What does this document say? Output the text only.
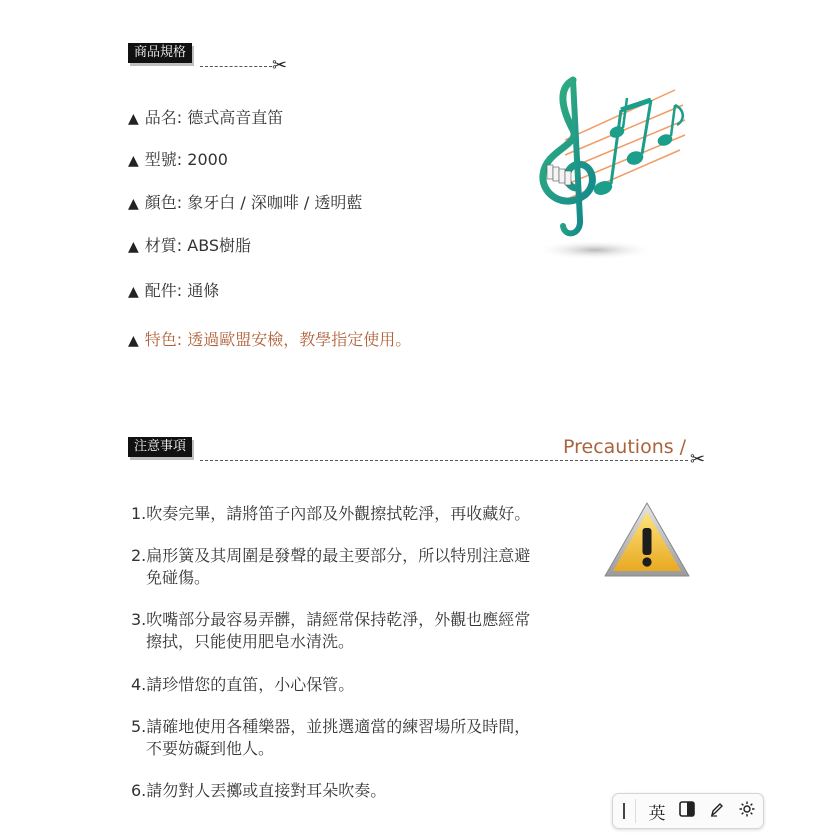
商品規格
✂
▲ 品名: 德式高音直笛
▲ 型號: 2000
▲ 顏色: 象牙白 / 深咖啡 / 透明藍
▲ 材質: ABS樹脂
▲ 配件: 通條
▲ 特色: 透過歐盟安檢，教學指定使用。
注意事項	Precautions /
✂
1.吹奏完畢，請將笛子內部及外觀擦拭乾淨，再收藏好。
2.扁形簧及其周圍是發聲的最主要部分，所以特別注意避
免碰傷。
3.吹嘴部分最容易弄髒，請經常保持乾淨，外觀也應經常
擦拭，只能使用肥皂水清洗。
4.請珍惜您的直笛，小心保管。
5.請確地使用各種樂器，並挑選適當的練習場所及時間，
不要妨礙到他人。
6.請勿對人丟擲或直接對耳朵吹奏。
英
